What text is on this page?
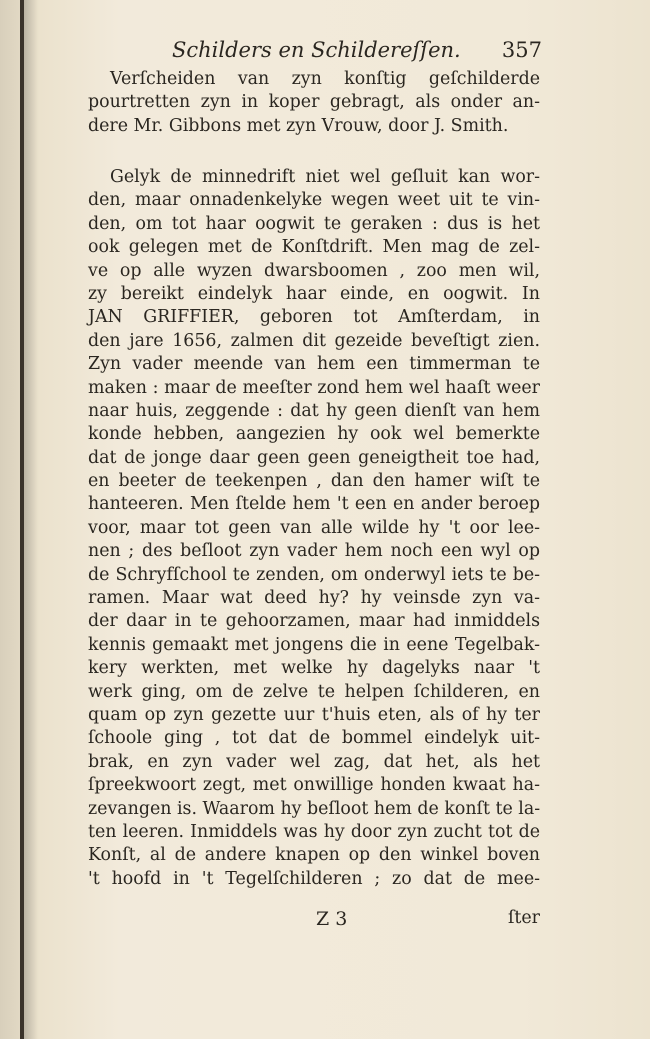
Schilders en Schildereſſen. 357
Verſcheiden van zyn konſtig geſchilderde
pourtretten zyn in koper gebragt, als onder an-
dere Mr. Gibbons met zyn Vrouw, door J. Smith.
Gelyk de minnedrift niet wel geſluit kan wor-
den, maar onnadenkelyke wegen weet uit te vin-
den, om tot haar oogwit te geraken : dus is het
ook gelegen met de Konſtdrift. Men mag de zel-
ve op alle wyzen dwarsboomen , zoo men wil,
zy bereikt eindelyk haar einde, en oogwit. In
JAN GRIFFIER, geboren tot Amſterdam, in
den jare 1656, zalmen dit gezeide beveſtigt zien.
Zyn vader meende van hem een timmerman te
maken : maar de meeſter zond hem wel haaſt weer
naar huis, zeggende : dat hy geen dienſt van hem
konde hebben, aangezien hy ook wel bemerkte
dat de jonge daar geen geen geneigtheit toe had,
en beeter de teekenpen , dan den hamer wiſt te
hanteeren. Men ſtelde hem 't een en ander beroep
voor, maar tot geen van alle wilde hy 't oor lee-
nen ; des beſloot zyn vader hem noch een wyl op
de Schryfſchool te zenden, om onderwyl iets te be-
ramen. Maar wat deed hy? hy veinsde zyn va-
der daar in te gehoorzamen, maar had inmiddels
kennis gemaakt met jongens die in eene Tegelbak-
kery werkten, met welke hy dagelyks naar 't
werk ging, om de zelve te helpen ſchilderen, en
quam op zyn gezette uur t'huis eten, als of hy ter
ſchoole ging , tot dat de bommel eindelyk uit-
brak, en zyn vader wel zag, dat het, als het
ſpreekwoort zegt, met onwillige honden kwaat ha-
zevangen is. Waarom hy beſloot hem de konſt te la-
ten leeren. Inmiddels was hy door zyn zucht tot de
Konſt, al de andere knapen op den winkel boven
't hoofd in 't Tegelſchilderen ; zo dat de mee-
Z 3	ſter
